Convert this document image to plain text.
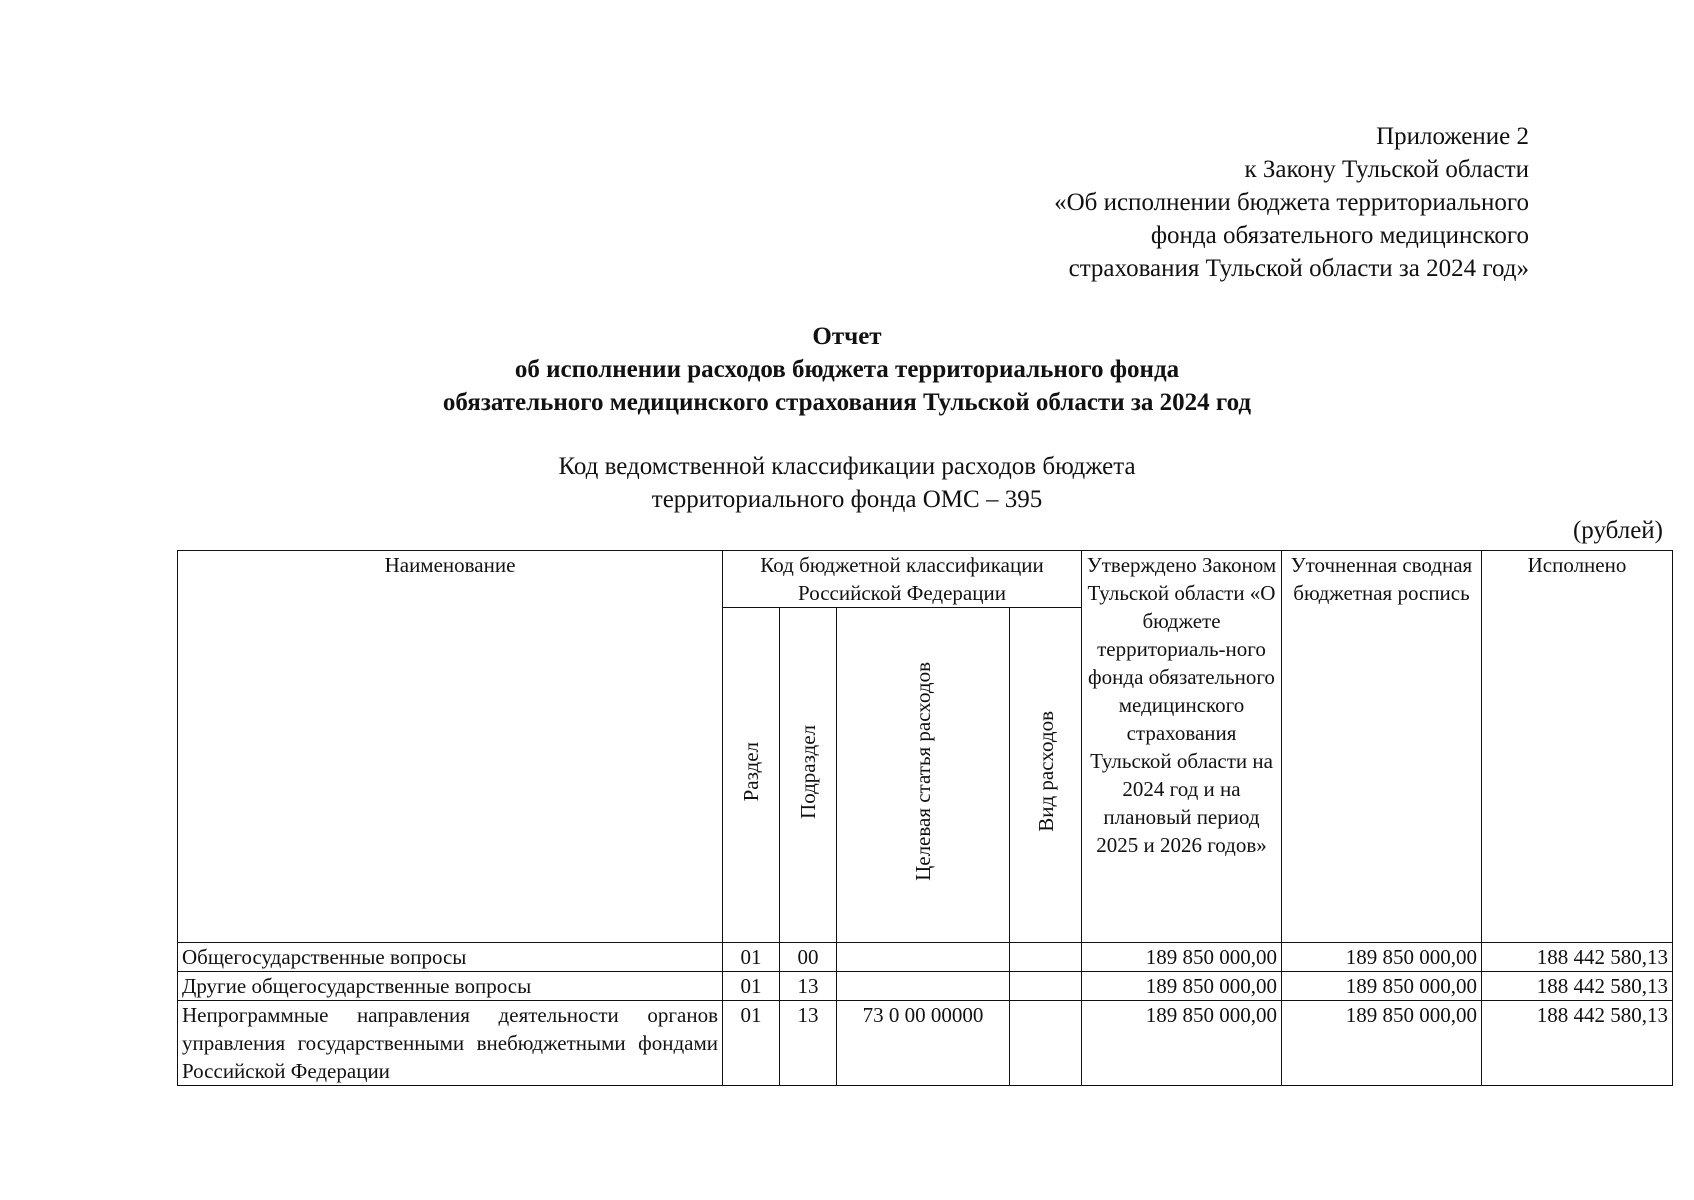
Приложение 2
к Закону Тульской области
«Об исполнении бюджета территориального
фонда обязательного медицинского
страхования Тульской области за 2024 год»
Отчет
об исполнении расходов бюджета территориального фонда
обязательного медицинского страхования Тульской области за 2024 год
Код ведомственной классификации расходов бюджета
территориального фонда ОМС – 395
(рублей)
Наименование	Код бюджетной классификации Российской Федерации				Утверждено Законом Тульской области «О бюджете территориаль-ного фонда обязательного медицинского страхования Тульской области на 2024 год и на плановый период 2025 и 2026 годов»	Уточненная сводная бюджетная роспись	Исполнено
	Раздел	Подраздел	Целевая статья расходов	Вид расходов			
Общегосударственные вопросы	01	00			189 850 000,00	189 850 000,00	188 442 580,13
Другие общегосударственные вопросы	01	13			189 850 000,00	189 850 000,00	188 442 580,13
Непрограммные направления деятельности органов управления государственными внебюджетными фондами Российской Федерации	01	13	73 0 00 00000		189 850 000,00	189 850 000,00	188 442 580,13
